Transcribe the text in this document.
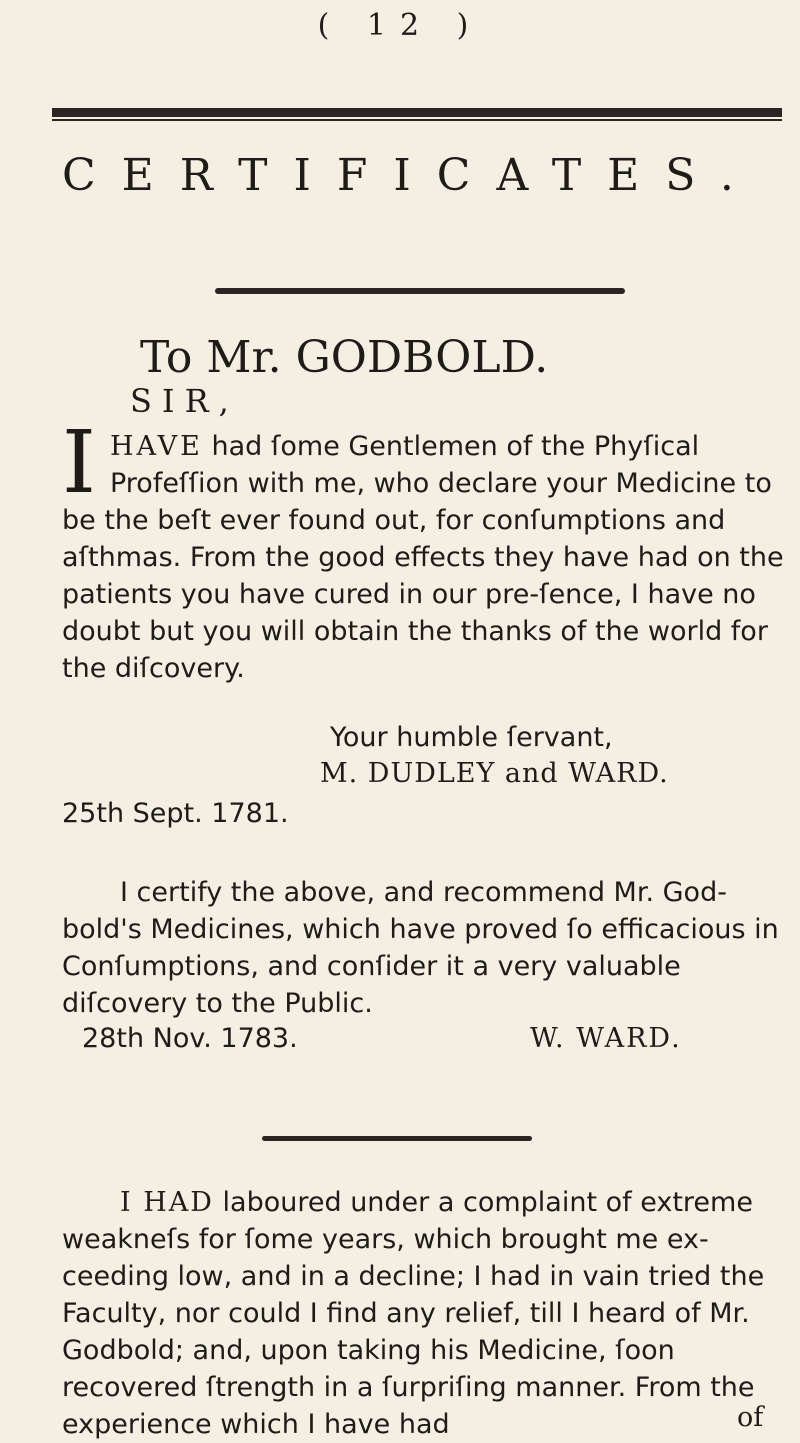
( 12 )
CERTIFICATES.
To Mr. GODBOLD.
SIR,
IHAVE had ſome Gentlemen of the Phyſical Profeſſion with me, who declare your Medicine to be the beſt ever found out, for conſumptions and aſthmas. From the good effects they have had on the patients you have cured in our pre-ſence, I have no doubt but you will obtain the thanks of the world for the diſcovery.
Your humble ſervant,
M. DUDLEY and WARD.
25th Sept. 1781.
I certify the above, and recommend Mr. God-bold's Medicines, which have proved ſo efficacious in Conſumptions, and conſider it a very valuable diſcovery to the Public.
28th Nov. 1783.	W. WARD.
I HAD laboured under a complaint of extreme weakneſs for ſome years, which brought me ex-ceeding low, and in a decline; I had in vain tried the Faculty, nor could I find any relief, till I heard of Mr. Godbold; and, upon taking his Medicine, ſoon recovered ſtrength in a ſurpriſing manner. From the experience which I have had	of
